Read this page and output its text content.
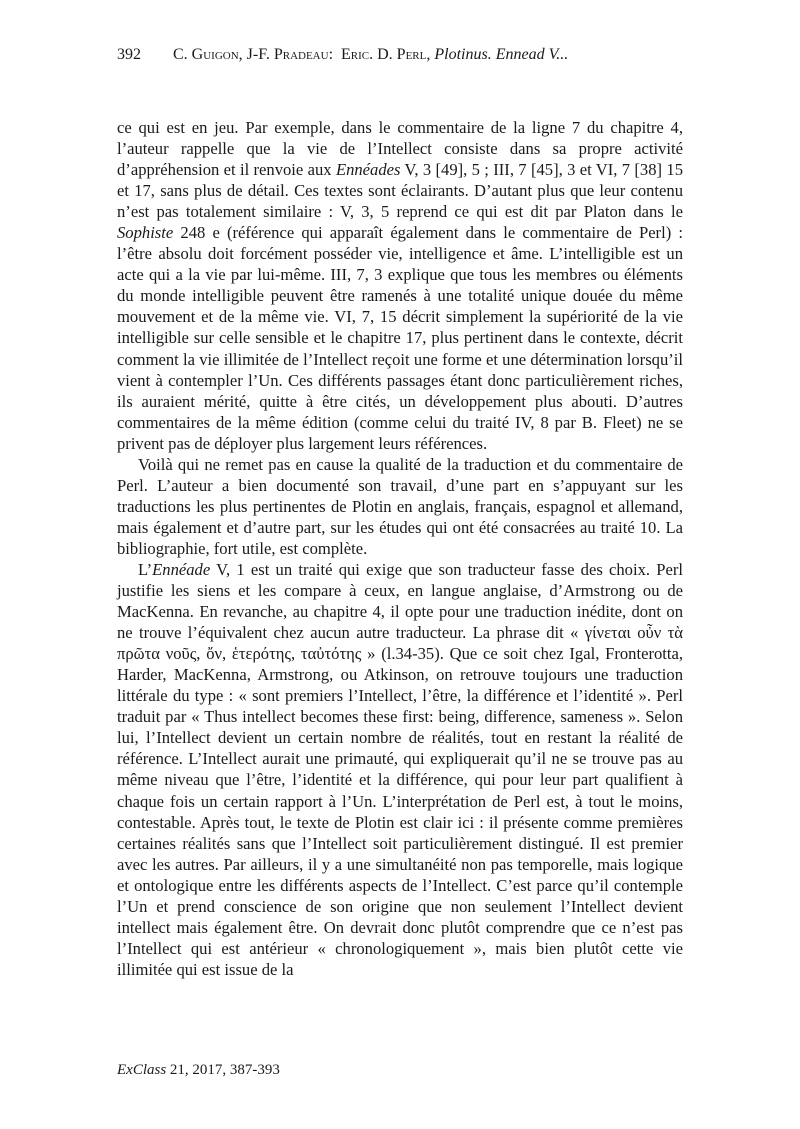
392 C. Guigon, J-F. Pradeau: Eric. D. Perl, Plotinus. Ennead V...

ce qui est en jeu. Par exemple, dans le commentaire de la ligne 7 du chapitre 4, l’auteur rappelle que la vie de l’Intellect consiste dans sa propre activité d’appréhension et il renvoie aux Ennéades V, 3 [49], 5 ; III, 7 [45], 3 et VI, 7 [38] 15 et 17, sans plus de détail. Ces textes sont éclairants. D’autant plus que leur contenu n’est pas totalement similaire : V, 3, 5 reprend ce qui est dit par Platon dans le Sophiste 248 e (référence qui apparaît également dans le commentaire de Perl) : l’être absolu doit forcément posséder vie, intelligence et âme. L’intelligible est un acte qui a la vie par lui-même. III, 7, 3 explique que tous les membres ou éléments du monde intelligible peuvent être ramenés à une totalité unique douée du même mouvement et de la même vie. VI, 7, 15 décrit simplement la supériorité de la vie intelligible sur celle sensible et le chapitre 17, plus pertinent dans le contexte, décrit comment la vie illimitée de l’Intellect reçoit une forme et une détermination lorsqu’il vient à contempler l’Un. Ces différents passages étant donc particulièrement riches, ils auraient mérité, quitte à être cités, un développement plus abouti. D’autres commentaires de la même édition (comme celui du traité IV, 8 par B. Fleet) ne se privent pas de déployer plus largement leurs références.

Voilà qui ne remet pas en cause la qualité de la traduction et du commentaire de Perl. L’auteur a bien documenté son travail, d’une part en s’appuyant sur les traductions les plus pertinentes de Plotin en anglais, français, espagnol et allemand, mais également et d’autre part, sur les études qui ont été consacrées au traité 10. La bibliographie, fort utile, est complète.

L’Ennéade V, 1 est un traité qui exige que son traducteur fasse des choix. Perl justifie les siens et les compare à ceux, en langue anglaise, d’Armstrong ou de MacKenna. En revanche, au chapitre 4, il opte pour une traduction inédite, dont on ne trouve l’équivalent chez aucun autre traducteur. La phrase dit « γίνεται οὖν τὰ πρῶτα νοῦς, ὄν, ἑτερότης, ταὐτότης » (l.34-35). Que ce soit chez Igal, Fronterotta, Harder, MacKenna, Armstrong, ou Atkinson, on retrouve toujours une traduction littérale du type : « sont premiers l’Intellect, l’être, la différence et l’identité ». Perl traduit par « Thus intellect becomes these first: being, difference, sameness ». Selon lui, l’Intellect devient un certain nombre de réalités, tout en restant la réalité de référence. L’Intellect aurait une primauté, qui expliquerait qu’il ne se trouve pas au même niveau que l’être, l’identité et la différence, qui pour leur part qualifient à chaque fois un certain rapport à l’Un. L’interprétation de Perl est, à tout le moins, contestable. Après tout, le texte de Plotin est clair ici : il présente comme premières certaines réalités sans que l’Intellect soit particulièrement distingué. Il est premier avec les autres. Par ailleurs, il y a une simultanéité non pas temporelle, mais logique et ontologique entre les différents aspects de l’Intellect. C’est parce qu’il contemple l’Un et prend conscience de son origine que non seulement l’Intellect devient intellect mais également être. On devrait donc plutôt comprendre que ce n’est pas l’Intellect qui est antérieur « chronologiquement », mais bien plutôt cette vie illimitée qui est issue de la

ExClass 21, 2017, 387-393
